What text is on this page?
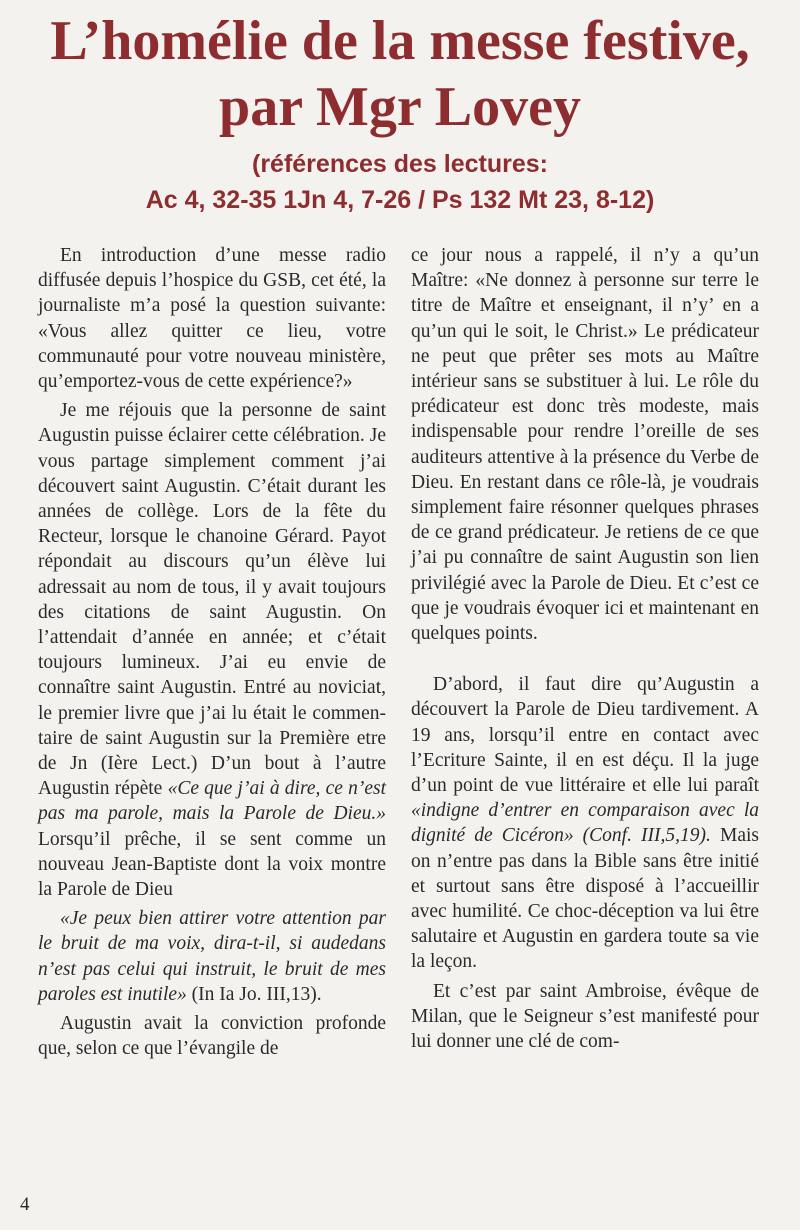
L’homélie de la messe festive,
par Mgr Lovey
(références des lectures:
Ac 4, 32-35 1Jn 4, 7-26 / Ps 132 Mt 23, 8-12)

En introduction d’une messe radio diffusée depuis l’hospice du GSB, cet été, la journaliste m’a posé la question suivante: «Vous allez quitter ce lieu, votre communauté pour votre nouveau ministère, qu’emportez-vous de cette expérience?»

Je me réjouis que la personne de saint Augustin puisse éclairer cette célébration. Je vous partage simplement comment j’ai découvert saint Augustin. C’était durant les années de collège. Lors de la fête du Recteur, lorsque le chanoine Gérard. Payot répondait au discours qu’un élève lui adressait au nom de tous, il y avait toujours des citations de saint Augustin. On l’attendait d’année en année; et c’était toujours lumineux. J’ai eu envie de connaître saint Augustin. Entré au noviciat, le premier livre que j’ai lu était le commentaire de saint Augustin sur la Première etre de Jn (Ière Lect.) D’un bout à l’autre Augustin répète «Ce que j’ai à dire, ce n’est pas ma parole, mais la Parole de Dieu.» Lorsqu’il prêche, il se sent comme un nouveau Jean-Baptiste dont la voix montre la Parole de Dieu

«Je peux bien attirer votre attention par le bruit de ma voix, dira-t-il, si audedans n’est pas celui qui instruit, le bruit de mes paroles est inutile» (In Ia Jo. III,13).

Augustin avait la conviction profonde que, selon ce que l’évangile de

ce jour nous a rappelé, il n’y a qu’un Maître: «Ne donnez à personne sur terre le titre de Maître et enseignant, il n’y’ en a qu’un qui le soit, le Christ.» Le prédicateur ne peut que prêter ses mots au Maître intérieur sans se substituer à lui. Le rôle du prédicateur est donc très modeste, mais indispensable pour rendre l’oreille de ses auditeurs attentive à la présence du Verbe de Dieu. En restant dans ce rôle-là, je voudrais simplement faire résonner quelques phrases de ce grand prédicateur. Je retiens de ce que j’ai pu connaître de saint Augustin son lien privilégié avec la Parole de Dieu. Et c’est ce que je voudrais évoquer ici et maintenant en quelques points.

D’abord, il faut dire qu’Augustin a découvert la Parole de Dieu tardivement. A 19 ans, lorsqu’il entre en contact avec l’Ecriture Sainte, il en est déçu. Il la juge d’un point de vue littéraire et elle lui paraît «indigne d’entrer en comparaison avec la dignité de Cicéron» (Conf. III,5,19). Mais on n’entre pas dans la Bible sans être initié et surtout sans être disposé à l’accueillir avec humilité. Ce choc-déception va lui être salutaire et Augustin en gardera toute sa vie la leçon.

Et c’est par saint Ambroise, évêque de Milan, que le Seigneur s’est manifesté pour lui donner une clé de com-

4
